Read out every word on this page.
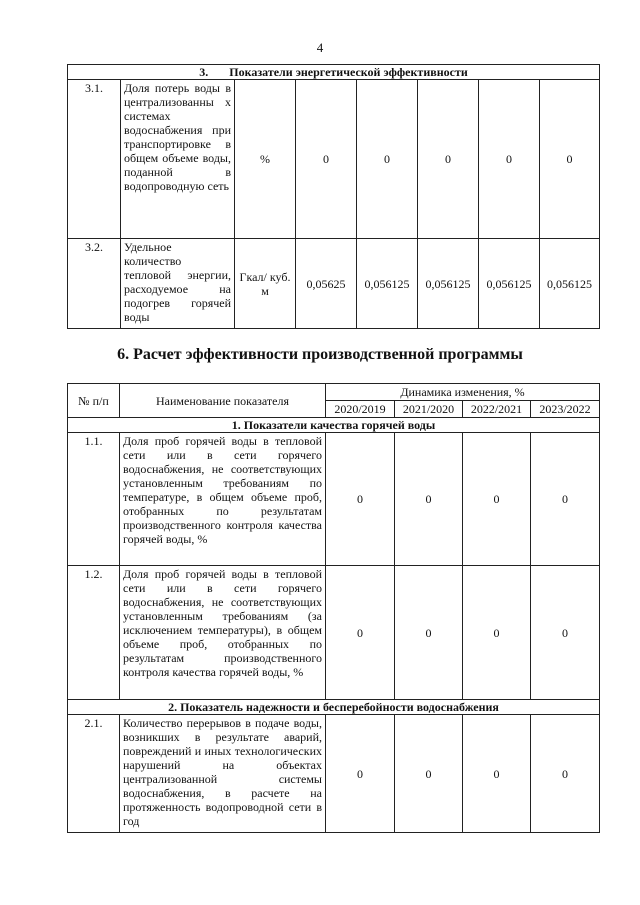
4
3.       Показатели энергетической эффективности							
3.1.	Доля потерь воды в централизованны х системах водоснабжения при транспортировке в общем объеме воды, поданной в водопроводную сеть	%	0	0	0	0	0
3.2.	Удельное количество тепловой энергии, расходуемое на подогрев горячей воды	Гкал/ куб. м	0,05625	0,056125	0,056125	0,056125	0,056125
6. Расчет эффективности производственной программы
№ п/п	Наименование показателя	Динамика изменения, %			
		2020/2019	2021/2020	2022/2021	2023/2022
1. Показатели качества горячей воды					
1.1.	Доля проб горячей воды в тепловой сети или в сети горячего водоснабжения, не соответствующих установленным требованиям по температуре, в общем объеме проб, отобранных по результатам производственного контроля качества горячей воды, %	0	0	0	0
1.2.	Доля проб горячей воды в тепловой сети или в сети горячего водоснабжения, не соответствующих установленным требованиям (за исключением температуры), в общем объеме проб, отобранных по результатам производственного контроля качества горячей воды, %	0	0	0	0
2. Показатель надежности и бесперебойности водоснабжения					
2.1.	Количество перерывов в подаче воды, возникших в результате аварий, повреждений и иных технологических нарушений на объектах централизованной системы водоснабжения, в расчете на протяженность водопроводной сети в год	0	0	0	0
